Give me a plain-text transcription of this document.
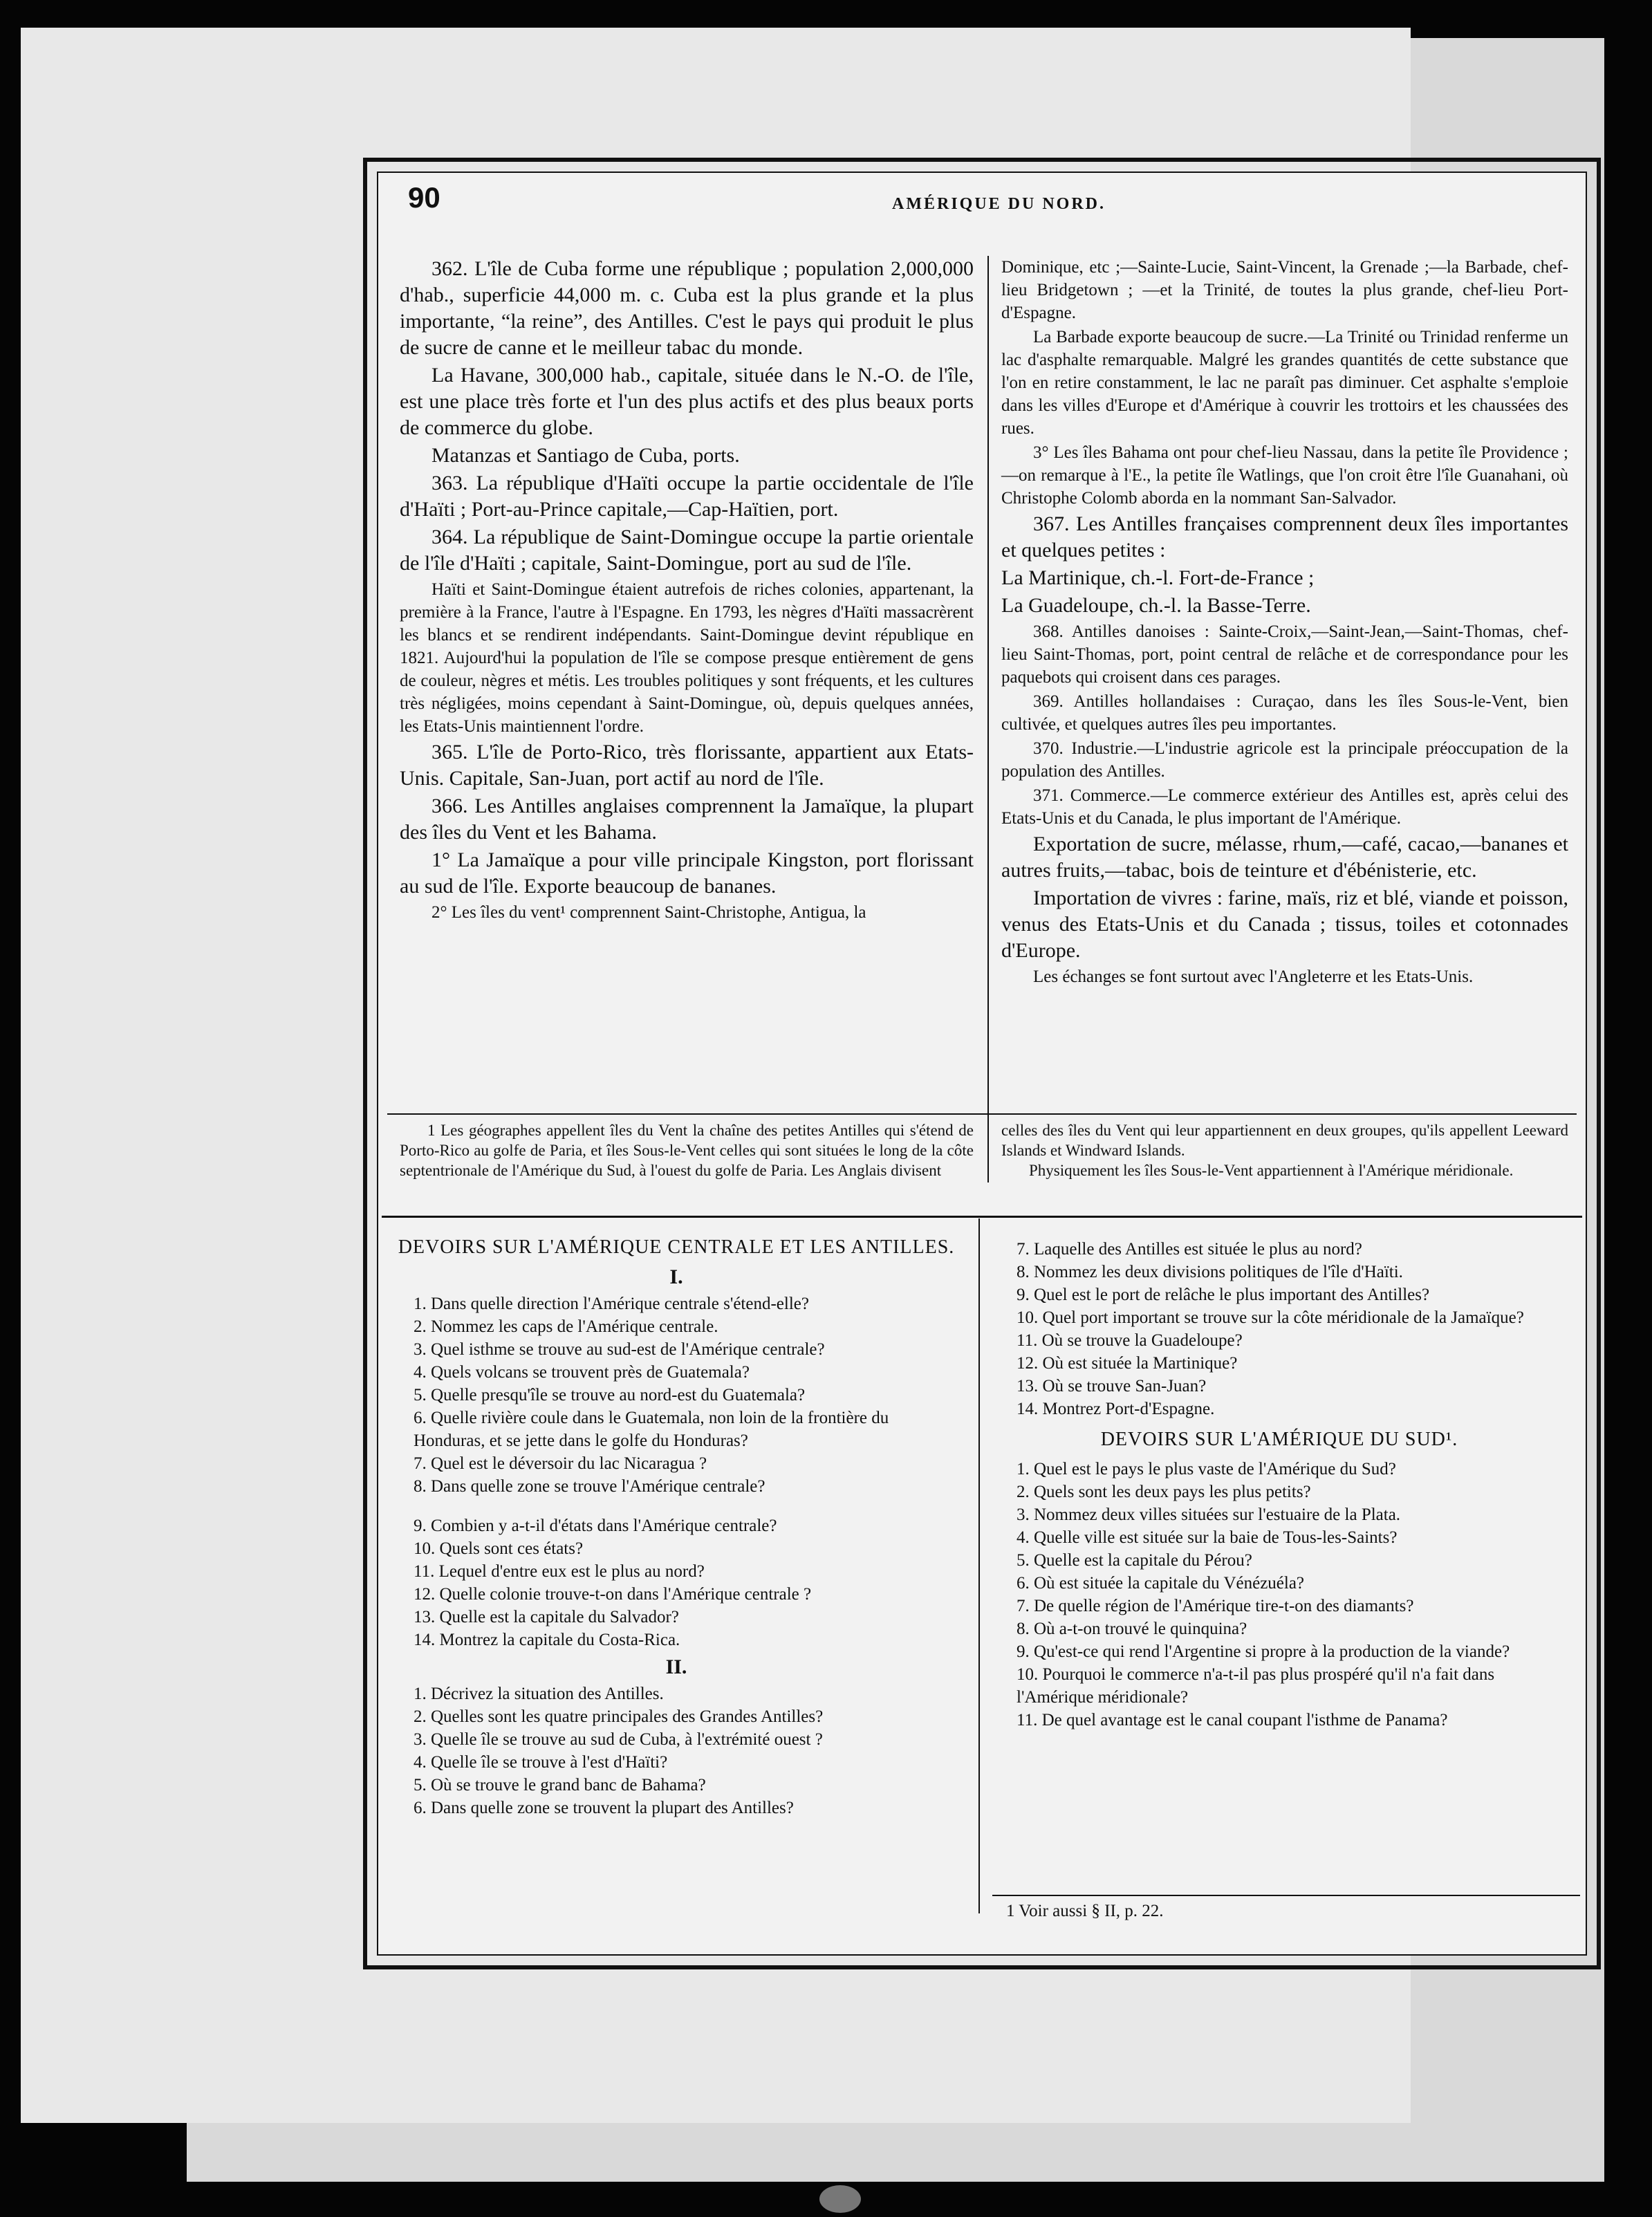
90	AMÉRIQUE DU NORD.

362. L'île de Cuba forme une république ; population 2,000,000 d'hab., superficie 44,000 m. c. Cuba est la plus grande et la plus importante, “la reine”, des Antilles. C'est le pays qui produit le plus de sucre de canne et le meilleur tabac du monde.

La Havane, 300,000 hab., capitale, située dans le N.-O. de l'île, est une place très forte et l'un des plus actifs et des plus beaux ports de commerce du globe.

Matanzas et Santiago de Cuba, ports.

363. La république d'Haïti occupe la partie occidentale de l'île d'Haïti ; Port-au-Prince capitale,—Cap-Haïtien, port.

364. La république de Saint-Domingue occupe la partie orientale de l'île d'Haïti ; capitale, Saint-Domingue, port au sud de l'île.

Haïti et Saint-Domingue étaient autrefois de riches colonies, appartenant, la première à la France, l'autre à l'Espagne. En 1793, les nègres d'Haïti massacrèrent les blancs et se rendirent indépendants. Saint-Domingue devint république en 1821. Aujourd'hui la population de l'île se compose presque entièrement de gens de couleur, nègres et métis. Les troubles politiques y sont fréquents, et les cultures très négligées, moins cependant à Saint-Domingue, où, depuis quelques années, les Etats-Unis maintiennent l'ordre.

365. L'île de Porto-Rico, très florissante, appartient aux Etats-Unis. Capitale, San-Juan, port actif au nord de l'île.

366. Les Antilles anglaises comprennent la Jamaïque, la plupart des îles du Vent et les Bahama.

1° La Jamaïque a pour ville principale Kingston, port florissant au sud de l'île. Exporte beaucoup de bananes.

2° Les îles du vent¹ comprennent Saint-Christophe, Antigua, la

Dominique, etc ;—Sainte-Lucie, Saint-Vincent, la Grenade ;—la Barbade, chef-lieu Bridgetown ; —et la Trinité, de toutes la plus grande, chef-lieu Port-d'Espagne.

La Barbade exporte beaucoup de sucre.—La Trinité ou Trinidad renferme un lac d'asphalte remarquable. Malgré les grandes quantités de cette substance que l'on en retire constamment, le lac ne paraît pas diminuer. Cet asphalte s'emploie dans les villes d'Europe et d'Amérique à couvrir les trottoirs et les chaussées des rues.

3° Les îles Bahama ont pour chef-lieu Nassau, dans la petite île Providence ; —on remarque à l'E., la petite île Watlings, que l'on croit être l'île Guanahani, où Christophe Colomb aborda en la nommant San-Salvador.

367. Les Antilles françaises comprennent deux îles importantes et quelques petites :

La Martinique, ch.-l. Fort-de-France ;

La Guadeloupe, ch.-l. la Basse-Terre.

368. Antilles danoises : Sainte-Croix,—Saint-Jean,—Saint-Thomas, chef-lieu Saint-Thomas, port, point central de relâche et de correspondance pour les paquebots qui croisent dans ces parages.

369. Antilles hollandaises : Curaçao, dans les îles Sous-le-Vent, bien cultivée, et quelques autres îles peu importantes.

370. Industrie.—L'industrie agricole est la principale préoccupation de la population des Antilles.

371. Commerce.—Le commerce extérieur des Antilles est, après celui des Etats-Unis et du Canada, le plus important de l'Amérique.

Exportation de sucre, mélasse, rhum,—café, cacao,—bananes et autres fruits,—tabac, bois de teinture et d'ébénisterie, etc.

Importation de vivres : farine, maïs, riz et blé, viande et poisson, venus des Etats-Unis et du Canada ; tissus, toiles et cotonnades d'Europe.

Les échanges se font surtout avec l'Angleterre et les Etats-Unis.

1 Les géographes appellent îles du Vent la chaîne des petites Antilles qui s'étend de Porto-Rico au golfe de Paria, et îles Sous-le-Vent celles qui sont situées le long de la côte septentrionale de l'Amérique du Sud, à l'ouest du golfe de Paria. Les Anglais divisent

celles des îles du Vent qui leur appartiennent en deux groupes, qu'ils appellent Leeward Islands et Windward Islands.

Physiquement les îles Sous-le-Vent appartiennent à l'Amérique méridionale.

DEVOIRS SUR L'AMÉRIQUE CENTRALE ET LES ANTILLES.
I.
1. Dans quelle direction l'Amérique centrale s'étend-elle?
2. Nommez les caps de l'Amérique centrale.
3. Quel isthme se trouve au sud-est de l'Amérique centrale?
4. Quels volcans se trouvent près de Guatemala?
5. Quelle presqu'île se trouve au nord-est du Guatemala?
6. Quelle rivière coule dans le Guatemala, non loin de la frontière du Honduras, et se jette dans le golfe du Honduras?
7. Quel est le déversoir du lac Nicaragua ?
8. Dans quelle zone se trouve l'Amérique centrale?
9. Combien y a-t-il d'états dans l'Amérique centrale?
10. Quels sont ces états?
11. Lequel d'entre eux est le plus au nord?
12. Quelle colonie trouve-t-on dans l'Amérique centrale ?
13. Quelle est la capitale du Salvador?
14. Montrez la capitale du Costa-Rica.
II.
1. Décrivez la situation des Antilles.
2. Quelles sont les quatre principales des Grandes Antilles?
3. Quelle île se trouve au sud de Cuba, à l'extrémité ouest ?
4. Quelle île se trouve à l'est d'Haïti?
5. Où se trouve le grand banc de Bahama?
6. Dans quelle zone se trouvent la plupart des Antilles?
7. Laquelle des Antilles est située le plus au nord?
8. Nommez les deux divisions politiques de l'île d'Haïti.
9. Quel est le port de relâche le plus important des Antilles?
10. Quel port important se trouve sur la côte méridionale de la Jamaïque?
11. Où se trouve la Guadeloupe?
12. Où est située la Martinique?
13. Où se trouve San-Juan?
14. Montrez Port-d'Espagne.
DEVOIRS SUR L'AMÉRIQUE DU SUD¹.
1. Quel est le pays le plus vaste de l'Amérique du Sud?
2. Quels sont les deux pays les plus petits?
3. Nommez deux villes situées sur l'estuaire de la Plata.
4. Quelle ville est située sur la baie de Tous-les-Saints?
5. Quelle est la capitale du Pérou?
6. Où est située la capitale du Vénézuéla?
7. De quelle région de l'Amérique tire-t-on des diamants?
8. Où a-t-on trouvé le quinquina?
9. Qu'est-ce qui rend l'Argentine si propre à la production de la viande?
10. Pourquoi le commerce n'a-t-il pas plus prospéré qu'il n'a fait dans l'Amérique méridionale?
11. De quel avantage est le canal coupant l'isthme de Panama?
1 Voir aussi § II, p. 22.
